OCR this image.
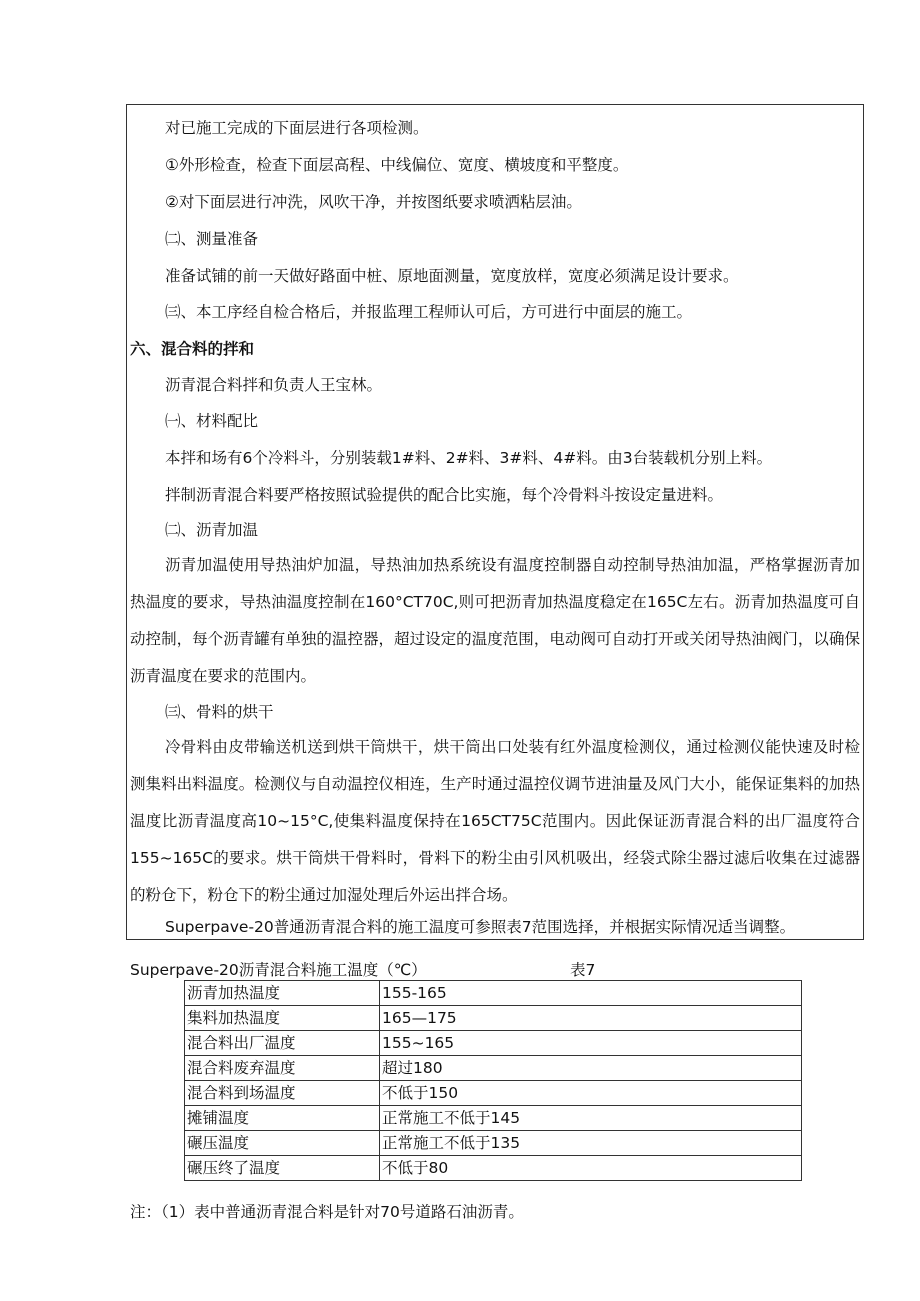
对已施工完成的下面层进行各项检测。
①外形检查，检查下面层高程、中线偏位、宽度、横坡度和平整度。
②对下面层进行冲洗，风吹干净，并按图纸要求喷洒粘层油。
㈡、测量准备
准备试铺的前一天做好路面中桩、原地面测量，宽度放样，宽度必须满足设计要求。
㈢、本工序经自检合格后，并报监理工程师认可后，方可进行中面层的施工。
六、混合料的拌和
沥青混合料拌和负责人王宝林。
㈠、材料配比
本拌和场有6个冷料斗，分别装载1#料、2#料、3#料、4#料。由3台装载机分别上料。
拌制沥青混合料要严格按照试验提供的配合比实施，每个冷骨料斗按设定量进料。
㈡、沥青加温
沥青加温使用导热油炉加温，导热油加热系统设有温度控制器自动控制导热油加温，严格掌握沥青加热温度的要求，导热油温度控制在160°CT70C,则可把沥青加热温度稳定在165C左右。沥青加热温度可自动控制，每个沥青罐有单独的温控器，超过设定的温度范围，电动阀可自动打开或关闭导热油阀门，以确保沥青温度在要求的范围内。
㈢、骨料的烘干
冷骨料由皮带输送机送到烘干筒烘干，烘干筒出口处装有红外温度检测仪，通过检测仪能快速及时检测集料出料温度。检测仪与自动温控仪相连，生产时通过温控仪调节进油量及风门大小，能保证集料的加热温度比沥青温度高10~15°C,使集料温度保持在165CT75C范围内。因此保证沥青混合料的出厂温度符合155~165C的要求。烘干筒烘干骨料时，骨料下的粉尘由引风机吸出，经袋式除尘器过滤后收集在过滤器的粉仓下，粉仓下的粉尘通过加湿处理后外运出拌合场。
Superpave-20普通沥青混合料的施工温度可参照表7范围选择，并根据实际情况适当调整。
Superpave-20沥青混合料施工温度（℃）	表7
沥青加热温度	155-165
集料加热温度	165—175
混合料出厂温度	155~165
混合料废弃温度	超过180
混合料到场温度	不低于150
摊铺温度	正常施工不低于145
碾压温度	正常施工不低于135
碾压终了温度	不低于80
注：（1）表中普通沥青混合料是针对70号道路石油沥青。
